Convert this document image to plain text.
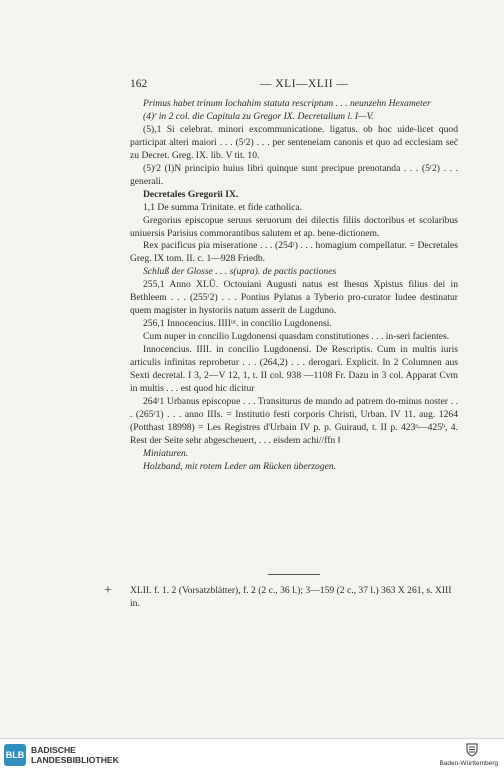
162	— XLI—XLII —

Primus habet trinum Iochahim statuta rescriptum . . . neunzehn Hexameter

(4)ʳ in 2 col. die Capitula zu Gregor IX. Decretalium l. I—V.

(5),1 Si celebrat. minori excommunicatione. ligatus. ob hoc uide-licet quod participat alteri maiori . . . (5ʳ2) . . . per senteneiam canonis et quo ad ecclesiam sec̃ zu Decret. Greg. IX. lib. V tit. 10.

(5)ʳ2 (I)N principio huius libri quinque sunt precipue prenotanda . . . (5ʳ2) . . . generali.

Decretales Gregorii IX.

1,1 De summa Trinitate. et fide catholica.

Gregorius episcopue seruus seruorum dei dilectis filiis doctoribus et scolaribus uniuersis Parisius commorantibus salutem et ap. bene-dictionem.

Rex pacificus pia miseratione . . . (254ʳ) . . . homagium compellatur. = Decretales Greg. IX tom. II. c. 1—928 Friedb.

Schluß der Glosse . . . s(upra). de pactis pactiones

255,1 Anno XLŮ. Octouiani Augusti natus est Ihesus Xpistus filius dei in Bethleem . . . (255ʳ2) . . . Pontius Pylatus a Tyberio pro-curator Iudee destinatur quem magister in hystoriis natum asserit de Lugduno.

256,1 Innocencius. IIIIᵘʳ. in concilio Lugdonensi.

Cum nuper in concilio Lugdonensi quasdam constitutiones . . . in-seri facientes.

Innocencius. IIII. in concilio Lugdonensi. De Rescriptis. Cum in multis iuris articulis infinitas reprobetur . . . (264,2) . . . derogari. Explicit. In 2 Columnen aus Sexti decretal. I 3, 2—V 12, 1, t. II col. 938 —1108 Fr. Dazu in 3 col. Apparat Cvm in multis . . . est quod hic dicitur

264ʳ1 Urbanus episcopue . . . Transiturus de mundo ad patrem do-minus noster . . . (265ʳ1) . . . anno IIIs. = Institutio festi corporis Christi, Urban. IV 11. aug. 1264 (Potthast 18998) = Les Registres d'Urbain IV p. p. Guiraud, t. II p. 423ᵃ—425ᵇ, 4. Rest der Seite sehr abgescheuert, . . . eisdem achi//ffn ‖

Miniaturen.

Holzband, mit rotem Leder am Rücken überzogen.

+ XLII. f. 1. 2 (Vorsatzblätter), f. 2 (2 c., 36 l.); 3—159 (2 c., 37 l.) 363 X 261, s. XIII in.
BLB BADISCHE
LANDESBIBLIOTHEK	Baden-Württemberg
